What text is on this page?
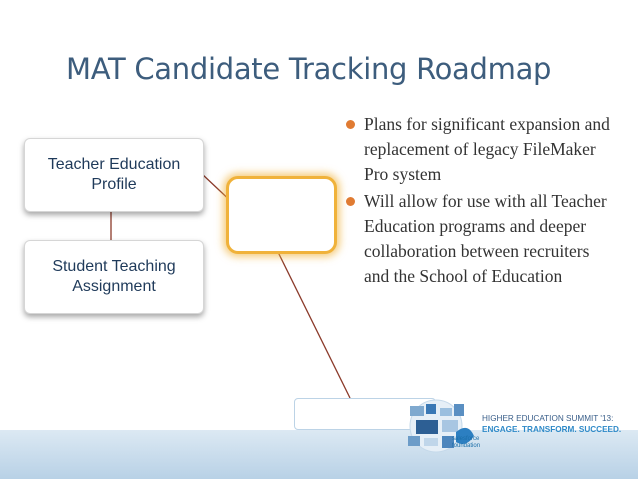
MAT Candidate Tracking Roadmap
Teacher Education
Profile
Student Teaching
Assignment
Plans for significant expansion and replacement of legacy FileMaker Pro system
Will allow for use with all Teacher Education programs and deeper collaboration between recruiters and the School of Education
HIGHER EDUCATION SUMMIT '13:
ENGAGE. TRANSFORM. SUCCEED.
salesforce
foundation
